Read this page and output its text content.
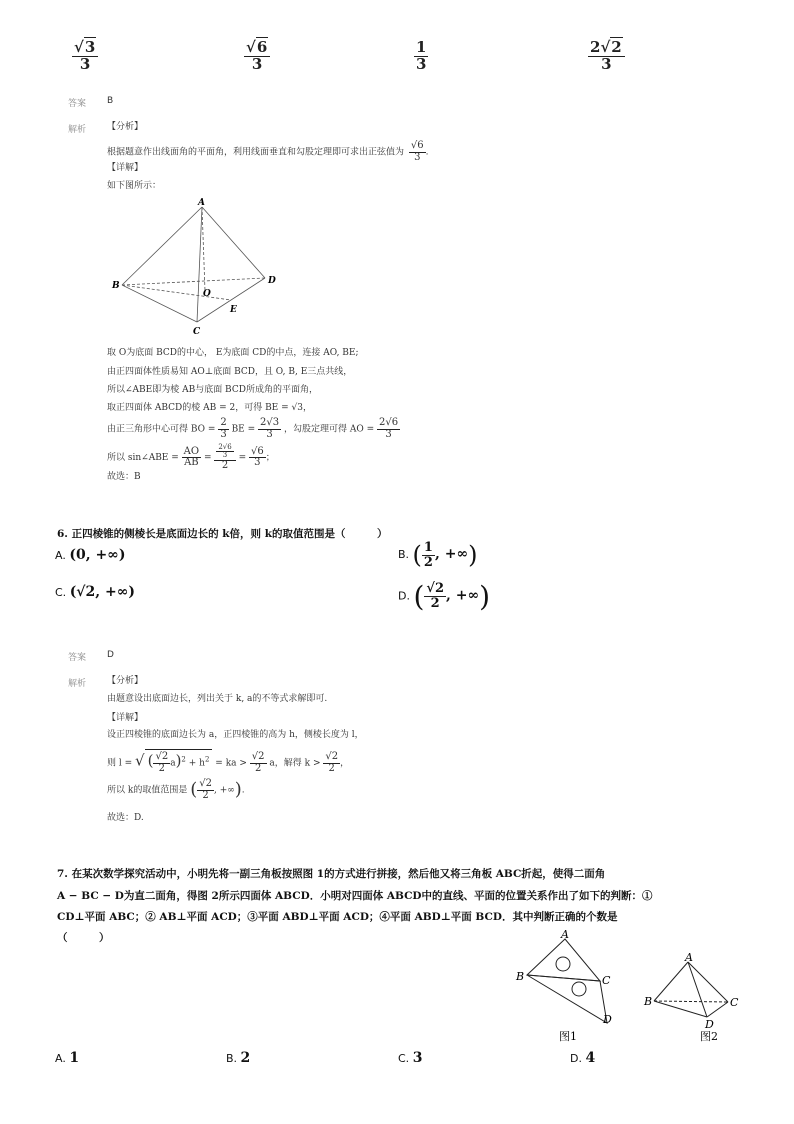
$\frac{√3}{3}$	$\frac{√6}{3}$	$\frac{1}{3}$	$\frac{2√2}{3}$
答案 B
解析 【分析】
根据题意作出线面角的平面角，利用线面垂直和勾股定理即可求出正弦值为 $\frac{√6}{3}$ .
【详解】
如下图所示：
A
B
C
D
O
E
取 O为底面 BCD的中心， E为底面 CD的中点，连接 AO, BE;
由正四面体性质易知 AO⊥底面 BCD，且 O, B, E三点共线，
所以∠ABE即为棱 AB与底面 BCD所成角的平面角，
取正四面体 ABCD的棱 AB = 2，可得 BE = √3，
由正三角形中心可得 BO = $\frac{2}{3}$ BE = $\frac{2√3}{3}$ ，勾股定理可得 AO = $\frac{2√6}{3}$
所以 sin∠ABE = $\frac{AO}{AB} = \frac{\frac{2√6}{3}}{2} = \frac{√6}{3}$ ；
故选：B
6. 正四棱锥的侧棱长是底面边长的 k倍，则 k的取值范围是（　　　）
A. (0, +∞)	B. ( $\frac{1}{2}$ , +∞)
C. (√2, +∞)	D. ( $\frac{√2}{2}$ , +∞)
答案 D
解析 【分析】
由题意设出底面边长，列出关于 k, a的不等式求解即可.
【详解】
设正四棱锥的底面边长为 a，正四棱锥的高为 h，侧棱长度为 l，
则 l = √ ( $\frac{√2}{2} a)^2 + h^2$ = ka > $\frac{√2}{2}$ a，解得 $k > \frac{√2}{2}$ ，
所以 k的取值范围是 ( $\frac{√2}{2}$ , +∞).
故选：D.
7. 在某次数学探究活动中，小明先将一副三角板按照图 1的方式进行拼接，然后他又将三角板 ABC折起，使得二面角
A − BC − D为直二面角，得图 2所示四面体 ABCD．小明对四面体 ABCD中的直线、平面的位置关系作出了如下的判断：①
CD⊥平面 ABC；② AB⊥平面 ACD；③平面 ABD⊥平面 ACD；④平面 ABD⊥平面 BCD．其中判断正确的个数是
（　　　）	A
B	C
D
图1
A
B	C
D
图2
A. 1	B. 2	C. 3	D. 4
